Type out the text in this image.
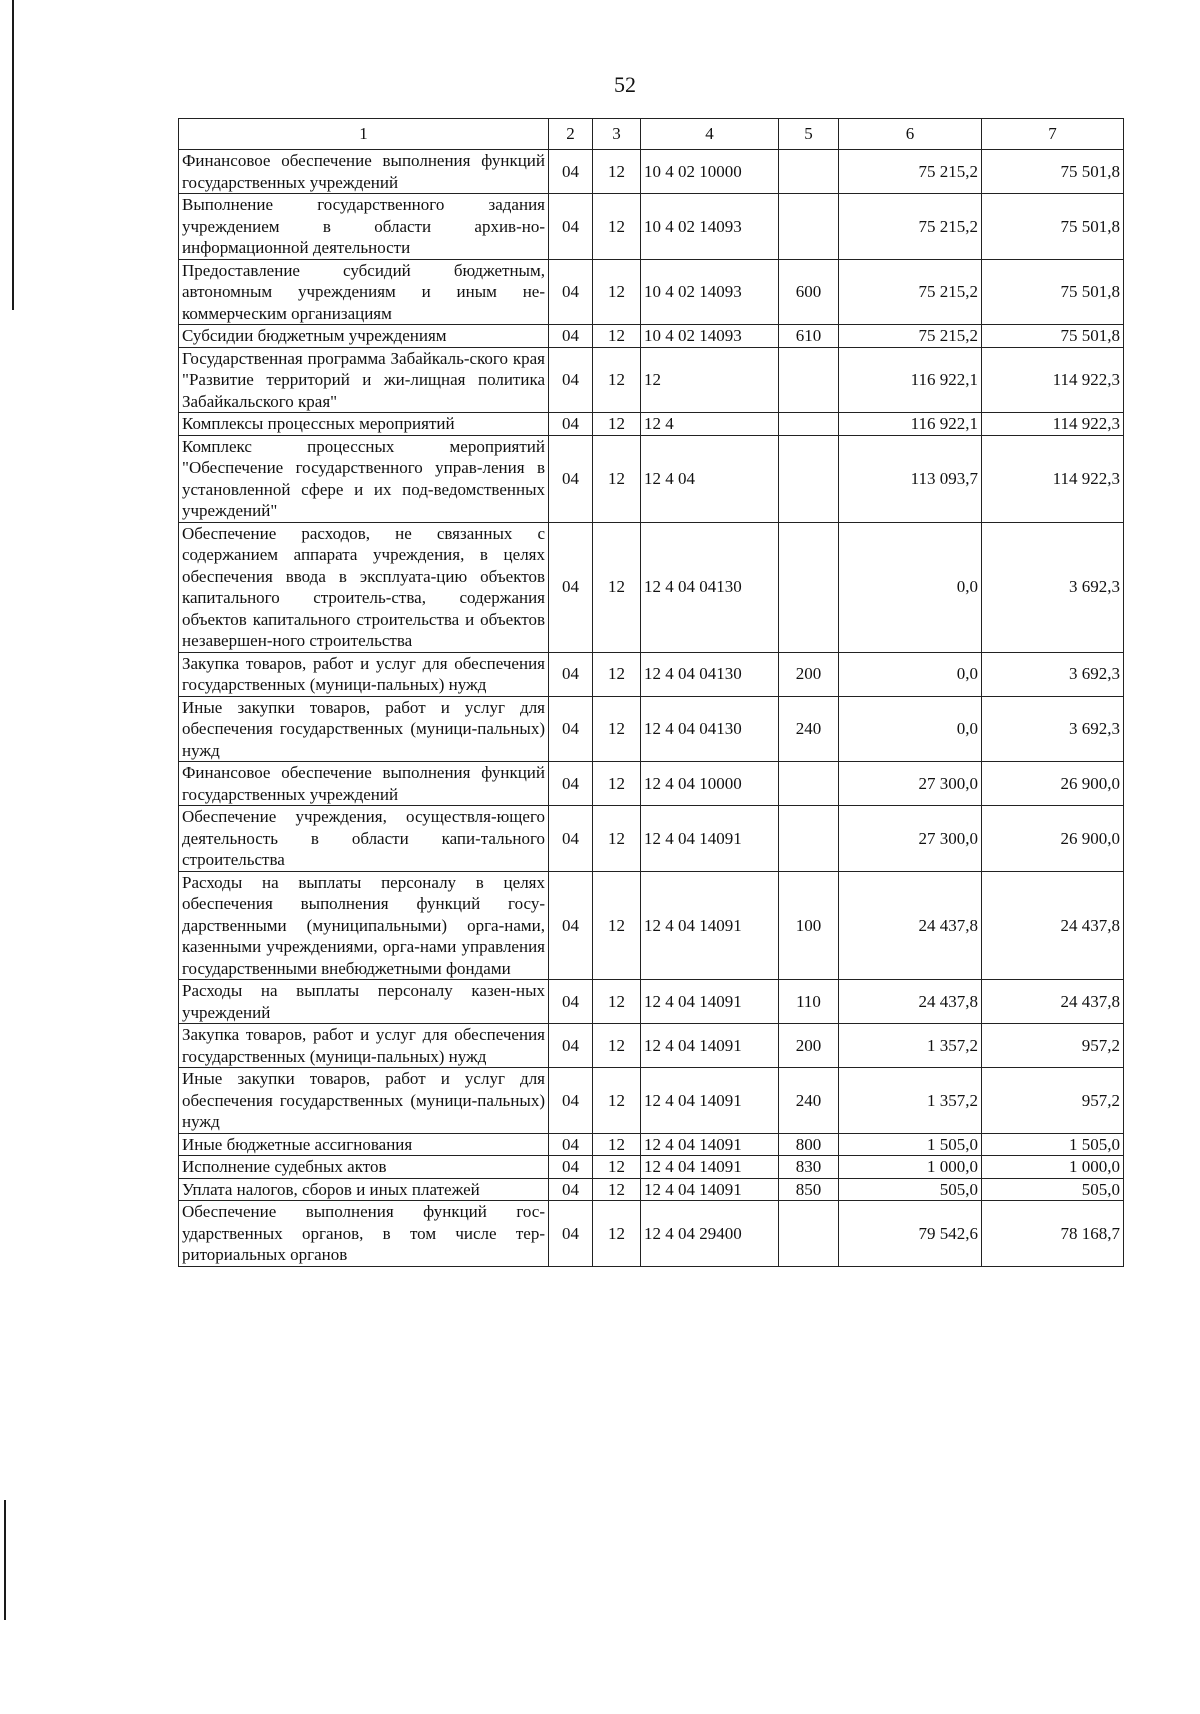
52
1	2	3	4	5	6	7
Финансовое обеспечение выполнения функций государственных учреждений	04	12	10 4 02 10000		75 215,2	75 501,8
Выполнение государственного задания учреждением в области архив-но-информационной деятельности	04	12	10 4 02 14093		75 215,2	75 501,8
Предоставление субсидий бюджетным, автономным учреждениям и иным не-коммерческим организациям	04	12	10 4 02 14093	600	75 215,2	75 501,8
Субсидии бюджетным учреждениям	04	12	10 4 02 14093	610	75 215,2	75 501,8
Государственная программа Забайкаль-ского края "Развитие территорий и жи-лищная политика Забайкальского края"	04	12	12		116 922,1	114 922,3
Комплексы процессных мероприятий	04	12	12 4		116 922,1	114 922,3
Комплекс процессных мероприятий "Обеспечение государственного управ-ления в установленной сфере и их под-ведомственных учреждений"	04	12	12 4 04		113 093,7	114 922,3
Обеспечение расходов, не связанных с содержанием аппарата учреждения, в целях обеспечения ввода в эксплуата-цию объектов капитального строитель-ства, содержания объектов капитального строительства и объектов незавершен-ного строительства	04	12	12 4 04 04130		0,0	3 692,3
Закупка товаров, работ и услуг для обеспечения государственных (муници-пальных) нужд	04	12	12 4 04 04130	200	0,0	3 692,3
Иные закупки товаров, работ и услуг для обеспечения государственных (муници-пальных) нужд	04	12	12 4 04 04130	240	0,0	3 692,3
Финансовое обеспечение выполнения функций государственных учреждений	04	12	12 4 04 10000		27 300,0	26 900,0
Обеспечение учреждения, осуществля-ющего деятельность в области капи-тального строительства	04	12	12 4 04 14091		27 300,0	26 900,0
Расходы на выплаты персоналу в целях обеспечения выполнения функций госу-дарственными (муниципальными) орга-нами, казенными учреждениями, орга-нами управления государственными внебюджетными фондами	04	12	12 4 04 14091	100	24 437,8	24 437,8
Расходы на выплаты персоналу казен-ных учреждений	04	12	12 4 04 14091	110	24 437,8	24 437,8
Закупка товаров, работ и услуг для обеспечения государственных (муници-пальных) нужд	04	12	12 4 04 14091	200	1 357,2	957,2
Иные закупки товаров, работ и услуг для обеспечения государственных (муници-пальных) нужд	04	12	12 4 04 14091	240	1 357,2	957,2
Иные бюджетные ассигнования	04	12	12 4 04 14091	800	1 505,0	1 505,0
Исполнение судебных актов	04	12	12 4 04 14091	830	1 000,0	1 000,0
Уплата налогов, сборов и иных платежей	04	12	12 4 04 14091	850	505,0	505,0
Обеспечение выполнения функций гос-ударственных органов, в том числе тер-риториальных органов	04	12	12 4 04 29400		79 542,6	78 168,7
